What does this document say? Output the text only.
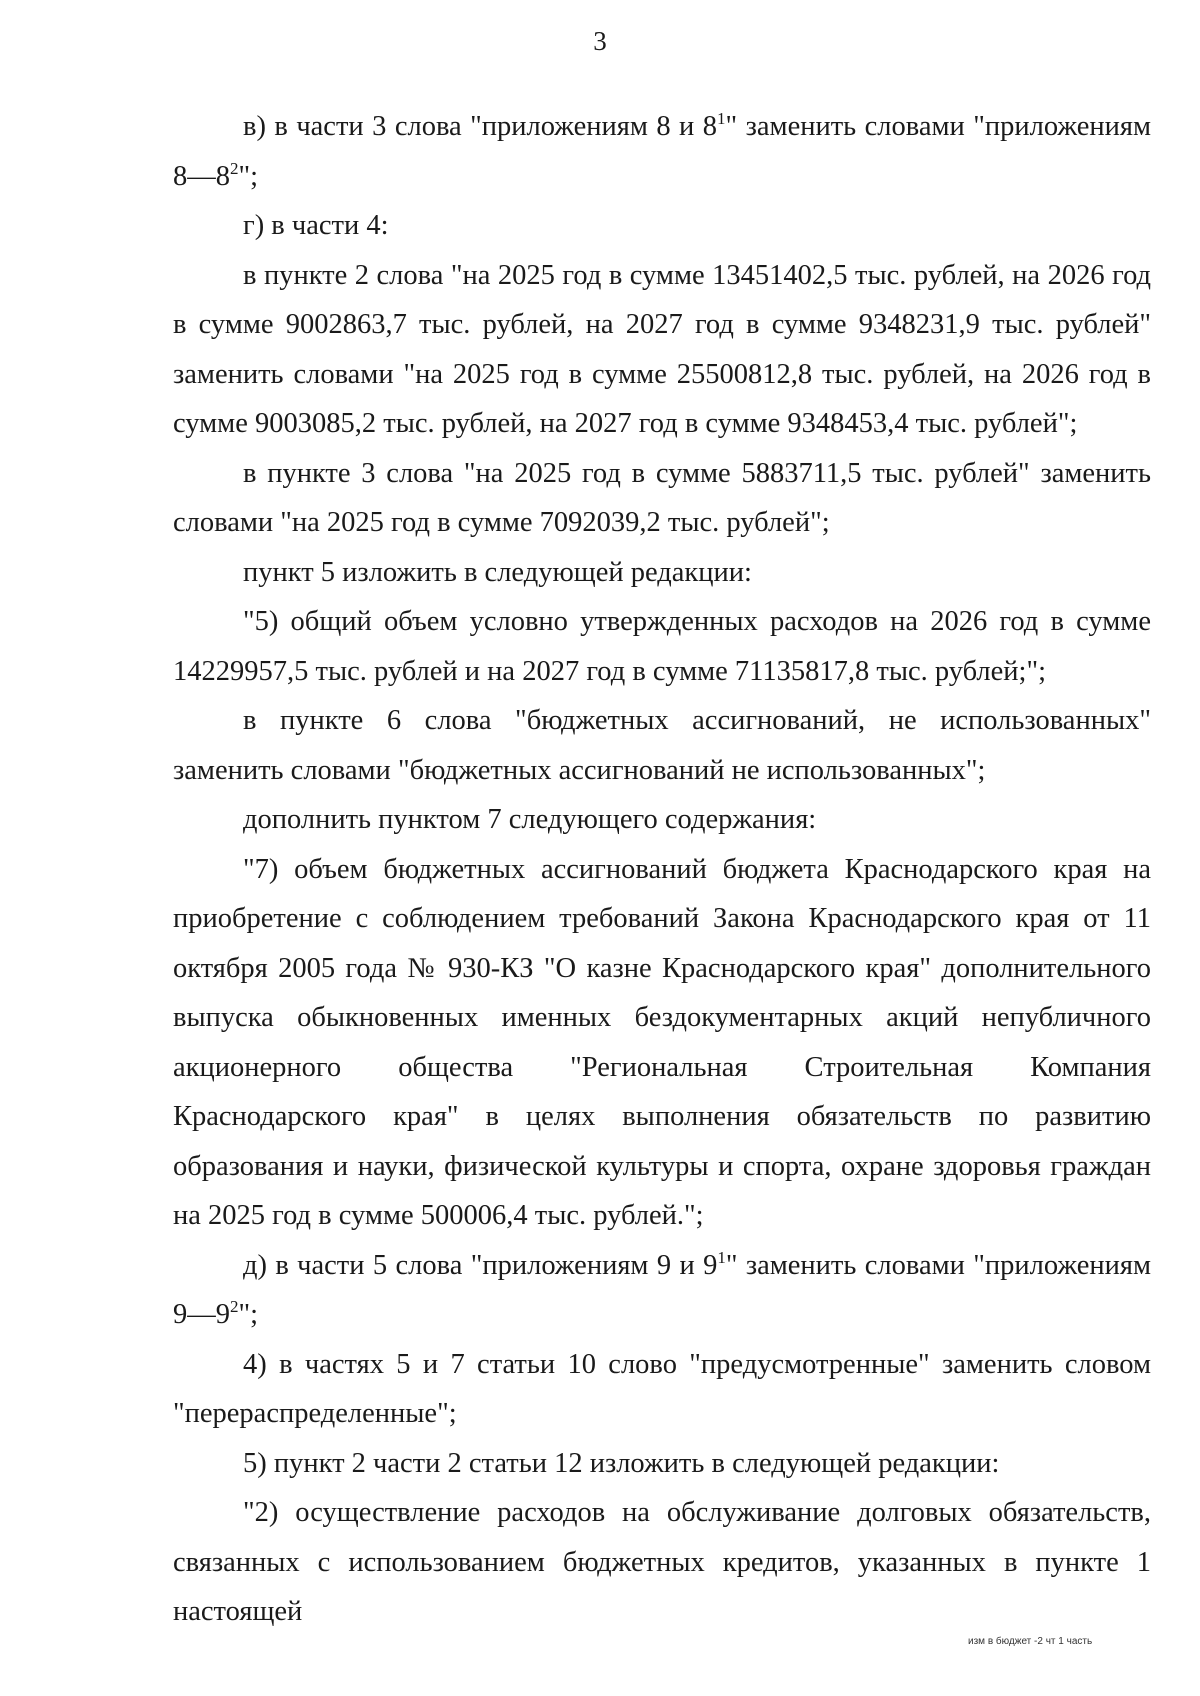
3

в) в части 3 слова "приложениям 8 и $8^1$" заменить словами "приложениям $8—8^2$";

г) в части 4:

в пункте 2 слова "на 2025 год в сумме 13451402,5 тыс. рублей, на 2026 год в сумме 9002863,7 тыс. рублей, на 2027 год в сумме 9348231,9 тыс. рублей" заменить словами "на 2025 год в сумме 25500812,8 тыс. рублей, на 2026 год в сумме 9003085,2 тыс. рублей, на 2027 год в сумме 9348453,4 тыс. рублей";

в пункте 3 слова "на 2025 год в сумме 5883711,5 тыс. рублей" заменить словами "на 2025 год в сумме 7092039,2 тыс. рублей";

пункт 5 изложить в следующей редакции:

"5) общий объем условно утвержденных расходов на 2026 год в сумме 14229957,5 тыс. рублей и на 2027 год в сумме 71135817,8 тыс. рублей;";

в пункте 6 слова "бюджетных ассигнований, не использованных" заменить словами "бюджетных ассигнований не использованных";

дополнить пунктом 7 следующего содержания:

"7) объем бюджетных ассигнований бюджета Краснодарского края на приобретение с соблюдением требований Закона Краснодарского края от 11 октября 2005 года № 930-КЗ "О казне Краснодарского края" дополнительного выпуска обыкновенных именных бездокументарных акций непубличного акционерного общества "Региональная Строительная Компания Краснодарского края" в целях выполнения обязательств по развитию образования и науки, физической культуры и спорта, охране здоровья граждан на 2025 год в сумме 500006,4 тыс. рублей.";

д) в части 5 слова "приложениям 9 и $9^1$" заменить словами "приложениям $9—9^2$";

4) в частях 5 и 7 статьи 10 слово "предусмотренные" заменить словом "перераспределенные";

5) пункт 2 части 2 статьи 12 изложить в следующей редакции:

"2) осуществление расходов на обслуживание долговых обязательств, связанных с использованием бюджетных кредитов, указанных в пункте 1 настоящей

изм в бюджет -2 чт 1 часть
